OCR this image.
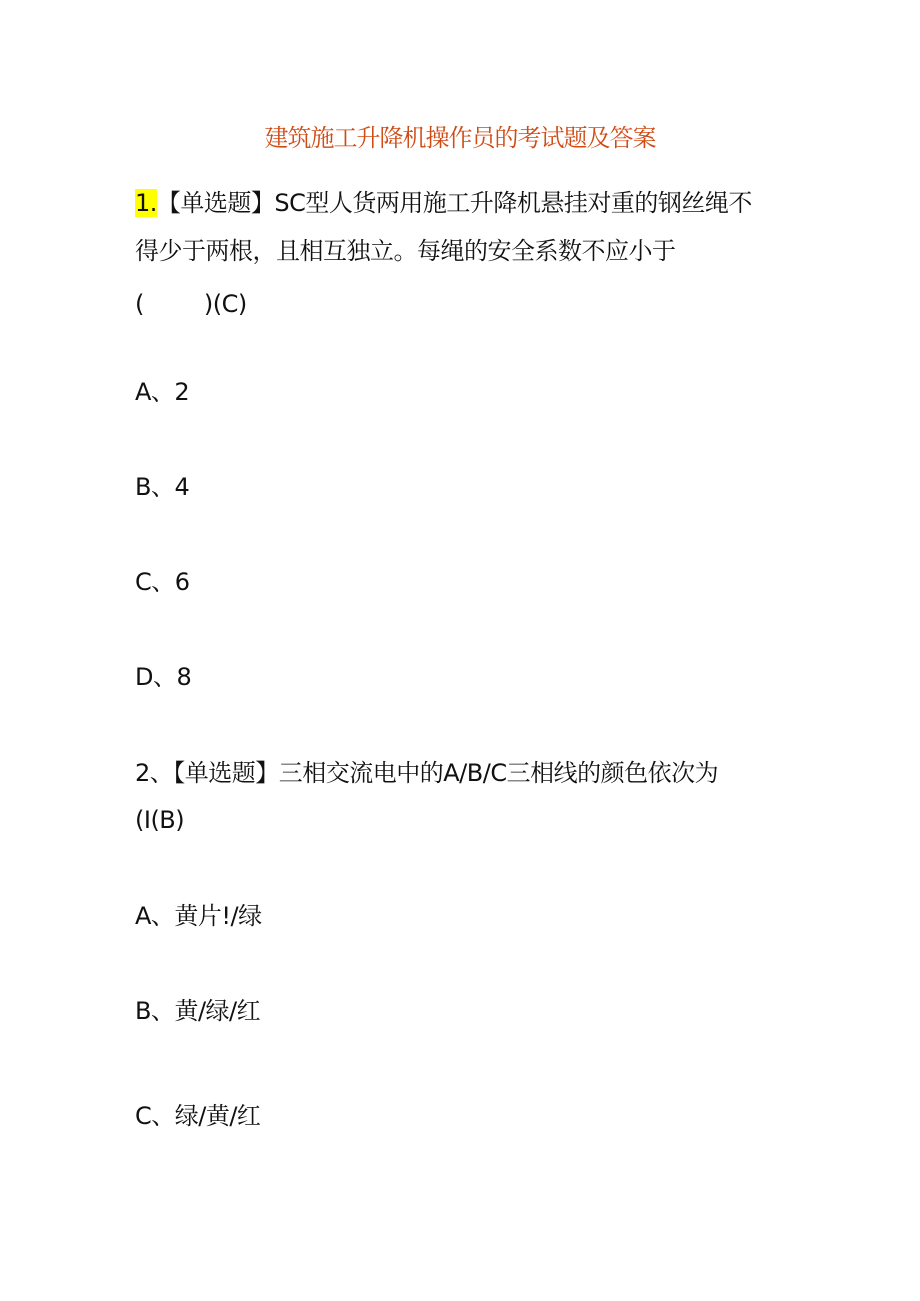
建筑施工升降机操作员的考试题及答案
1.【单选题】SC型人货两用施工升降机悬挂对重的钢丝绳不
得少于两根，且相互独立。每绳的安全系数不应小于
(	)(C)
A、2
B、4
C、6
D、8
2、【单选题】三相交流电中的A/B/C三相线的颜色依次为
(I(B)
A、黄片!/绿
B、黄/绿/红
C、绿/黄/红
